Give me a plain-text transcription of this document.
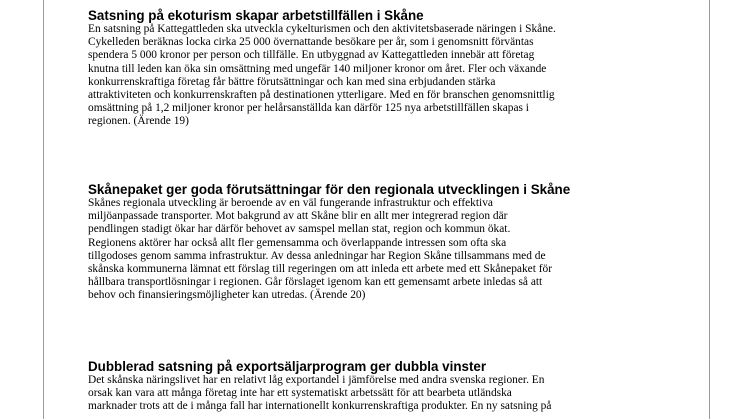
Satsning på ekoturism skapar arbetstillfällen i Skåne
En satsning på Kattegattleden ska utveckla cykelturismen och den aktivitetsbaserade näringen i Skåne.
Cykelleden beräknas locka cirka 25 000 övernattande besökare per år, som i genomsnitt förväntas
spendera 5 000 kronor per person och tillfälle. En utbyggnad av Kattegattleden innebär att företag
knutna till leden kan öka sin omsättning med ungefär 140 miljoner kronor om året. Fler och växande
konkurrenskraftiga företag får bättre förutsättningar och kan med sina erbjudanden stärka
attraktiviteten och konkurrenskraften på destinationen ytterligare. Med en för branschen genomsnittlig
omsättning på 1,2 miljoner kronor per helårsanställda kan därför 125 nya arbetstillfällen skapas i
regionen. (Ärende 19)
Skånepaket ger goda förutsättningar för den regionala utvecklingen i Skåne
Skånes regionala utveckling är beroende av en väl fungerande infrastruktur och effektiva
miljöanpassade transporter. Mot bakgrund av att Skåne blir en allt mer integrerad region där
pendlingen stadigt ökar har därför behovet av samspel mellan stat, region och kommun ökat.
Regionens aktörer har också allt fler gemensamma och överlappande intressen som ofta ska
tillgodoses genom samma infrastruktur. Av dessa anledningar har Region Skåne tillsammans med de
skånska kommunerna lämnat ett förslag till regeringen om att inleda ett arbete med ett Skånepaket för
hållbara transportlösningar i regionen. Går förslaget igenom kan ett gemensamt arbete inledas så att
behov och finansieringsmöjligheter kan utredas. (Ärende 20)
Dubblerad satsning på exportsäljarprogram ger dubbla vinster
Det skånska näringslivet har en relativt låg exportandel i jämförelse med andra svenska regioner. En
orsak kan vara att många företag inte har ett systematiskt arbetssätt för att bearbeta utländska
marknader trots att de i många fall har internationellt konkurrenskraftiga produkter. En ny satsning på
